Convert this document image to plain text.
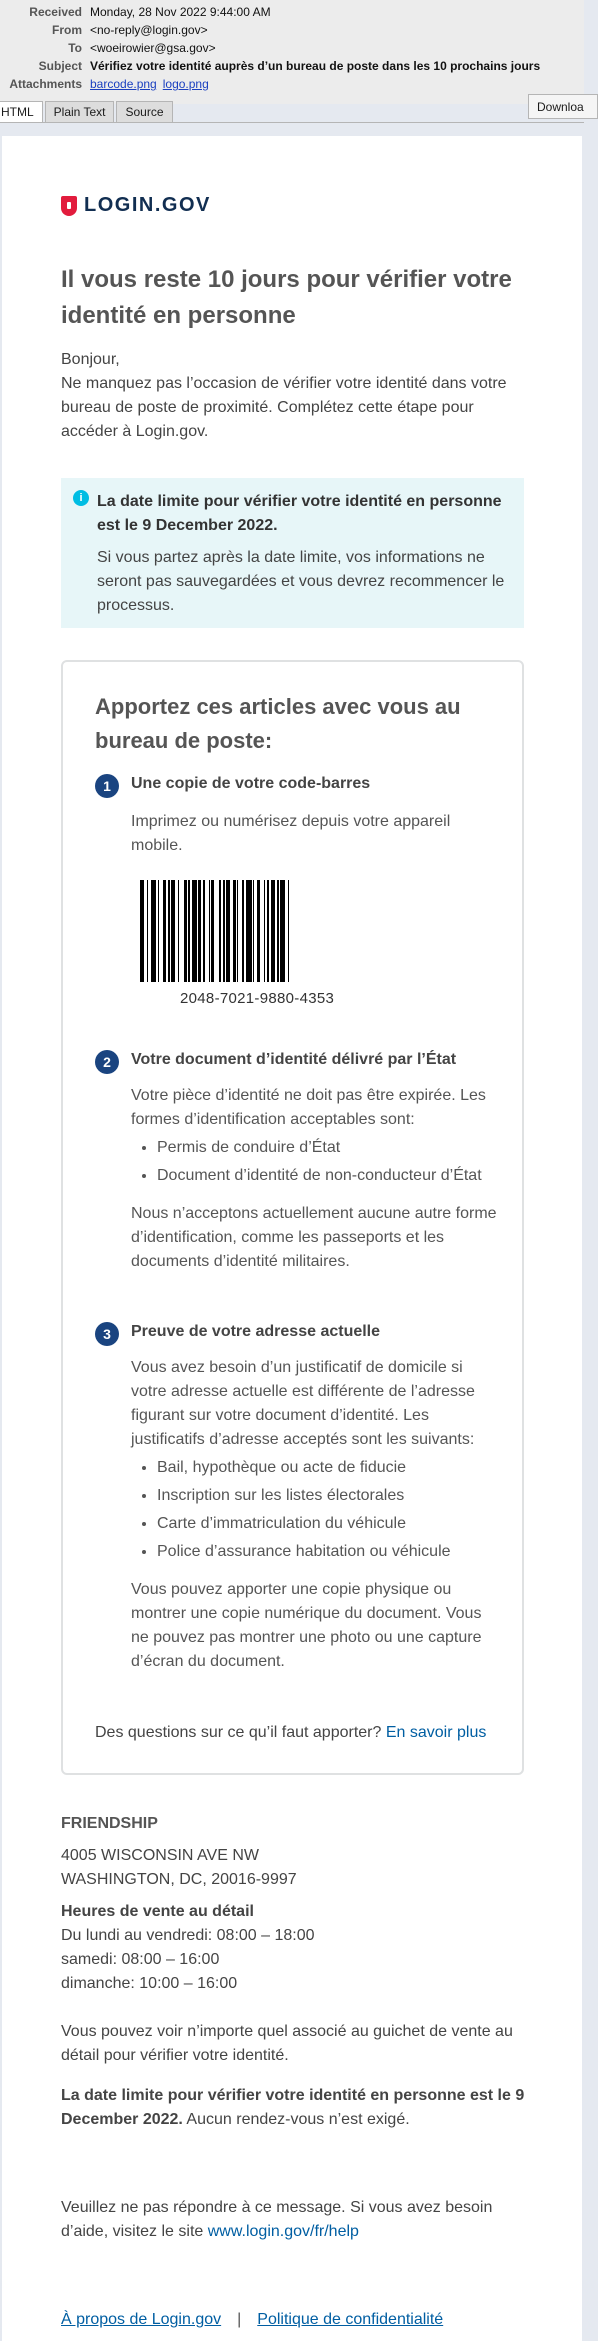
Received Monday, 28 Nov 2022 9:44:00 AM
From <no-reply@login.gov>
To <woeirowier@gsa.gov>
Subject Vérifiez votre identité auprès d’un bureau de poste dans les 10 prochains jours
Attachments barcode.png logo.png
HTML	Plain Text	Source	Downloa
LOGIN.GOV
Il vous reste 10 jours pour vérifier votre identité en personne
Bonjour,
Ne manquez pas l’occasion de vérifier votre identité dans votre bureau de poste de proximité. Complétez cette étape pour accéder à Login.gov.
i La date limite pour vérifier votre identité en personne est le 9 December 2022.
Si vous partez après la date limite, vos informations ne seront pas sauvegardées et vous devrez recommencer le processus.
Apportez ces articles avec vous au bureau de poste:
1	Une copie de votre code-barres
Imprimez ou numérisez depuis votre appareil mobile.
2	Votre document d’identité délivré par l’État
Votre pièce d’identité ne doit pas être expirée. Les formes d’identification acceptables sont:
• Permis de conduire d’État
• Document d’identité de non-conducteur d’État
Nous n’acceptons actuellement aucune autre forme d’identification, comme les passeports et les documents d’identité militaires.
3	Preuve de votre adresse actuelle
Vous avez besoin d’un justificatif de domicile si votre adresse actuelle est différente de l’adresse figurant sur votre document d’identité. Les justificatifs d’adresse acceptés sont les suivants:
• Bail, hypothèque ou acte de fiducie
• Inscription sur les listes électorales
• Carte d’immatriculation du véhicule
• Police d’assurance habitation ou véhicule
Vous pouvez apporter une copie physique ou montrer une copie numérique du document. Vous ne pouvez pas montrer une photo ou une capture d’écran du document.
Des questions sur ce qu’il faut apporter? En savoir plus
FRIENDSHIP
4005 WISCONSIN AVE NW
WASHINGTON, DC, 20016-9997
Heures de vente au détail
Du lundi au vendredi: 08:00 – 18:00
samedi: 08:00 – 16:00
dimanche: 10:00 – 16:00
Vous pouvez voir n’importe quel associé au guichet de vente au détail pour vérifier votre identité.
La date limite pour vérifier votre identité en personne est le 9 December 2022. Aucun rendez-vous n’est exigé.
Veuillez ne pas répondre à ce message. Si vous avez besoin d’aide, visitez le site www.login.gov/fr/help
À propos de Login.gov | Politique de confidentialité
2048-7021-9880-4353
